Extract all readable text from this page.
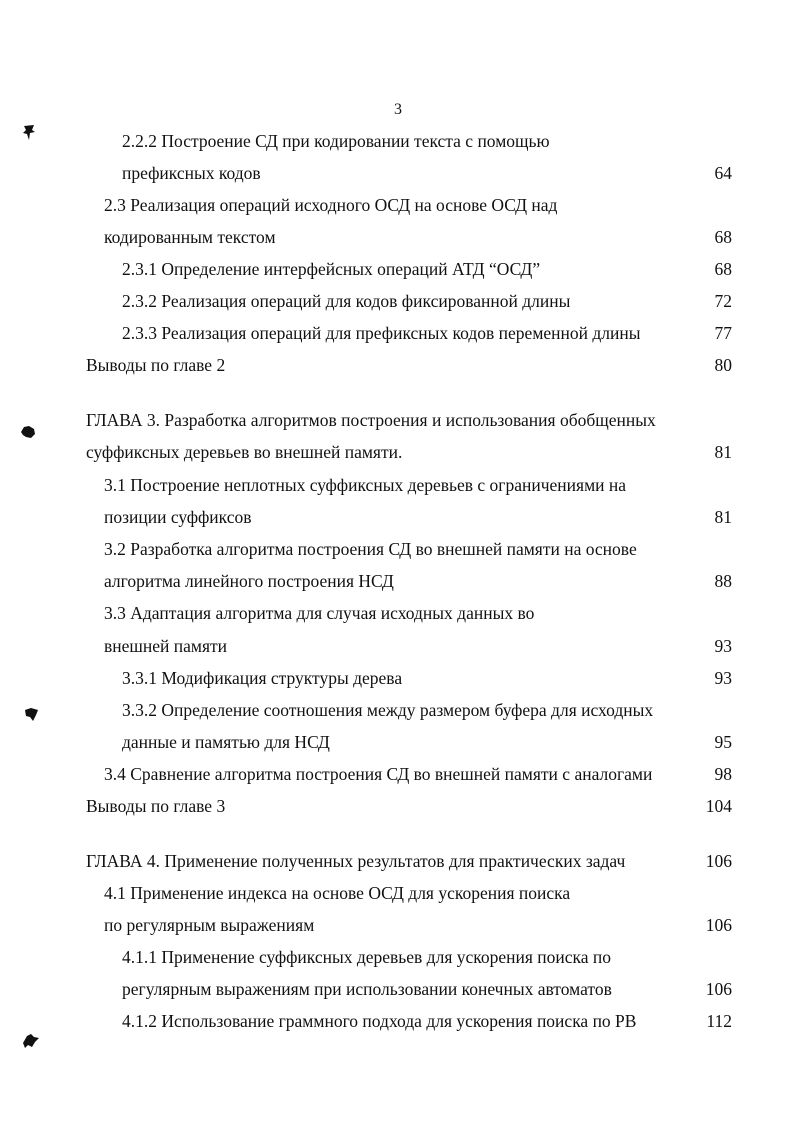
3
2.2.2 Построение СД при кодировании текста с помощью
префиксных кодов	64
2.3 Реализация операций исходного ОСД на основе ОСД над
кодированным текстом	68
2.3.1 Определение интерфейсных операций АТД “ОСД”	68
2.3.2 Реализация операций для кодов фиксированной длины	72
2.3.3 Реализация операций для префиксных кодов переменной длины	77
Выводы по главе 2	80
ГЛАВА 3. Разработка алгоритмов построения и использования обобщенных
суффиксных деревьев во внешней памяти.	81
3.1 Построение неплотных суффиксных деревьев с ограничениями на
позиции суффиксов	81
3.2 Разработка алгоритма построения СД во внешней памяти на основе
алгоритма линейного построения НСД	88
3.3 Адаптация алгоритма для случая исходных данных во
внешней памяти	93
3.3.1 Модификация структуры дерева	93
3.3.2 Определение соотношения между размером буфера для исходных
данные и памятью для НСД	95
3.4 Сравнение алгоритма построения СД во внешней памяти с аналогами	98
Выводы по главе 3	104
ГЛАВА 4. Применение полученных результатов для практических задач	106
4.1 Применение индекса на основе ОСД для ускорения поиска
по регулярным выражениям	106
4.1.1 Применение суффиксных деревьев для ускорения поиска по
регулярным выражениям при использовании конечных автоматов	106
4.1.2 Использование граммного подхода для ускорения поиска по РВ	112
